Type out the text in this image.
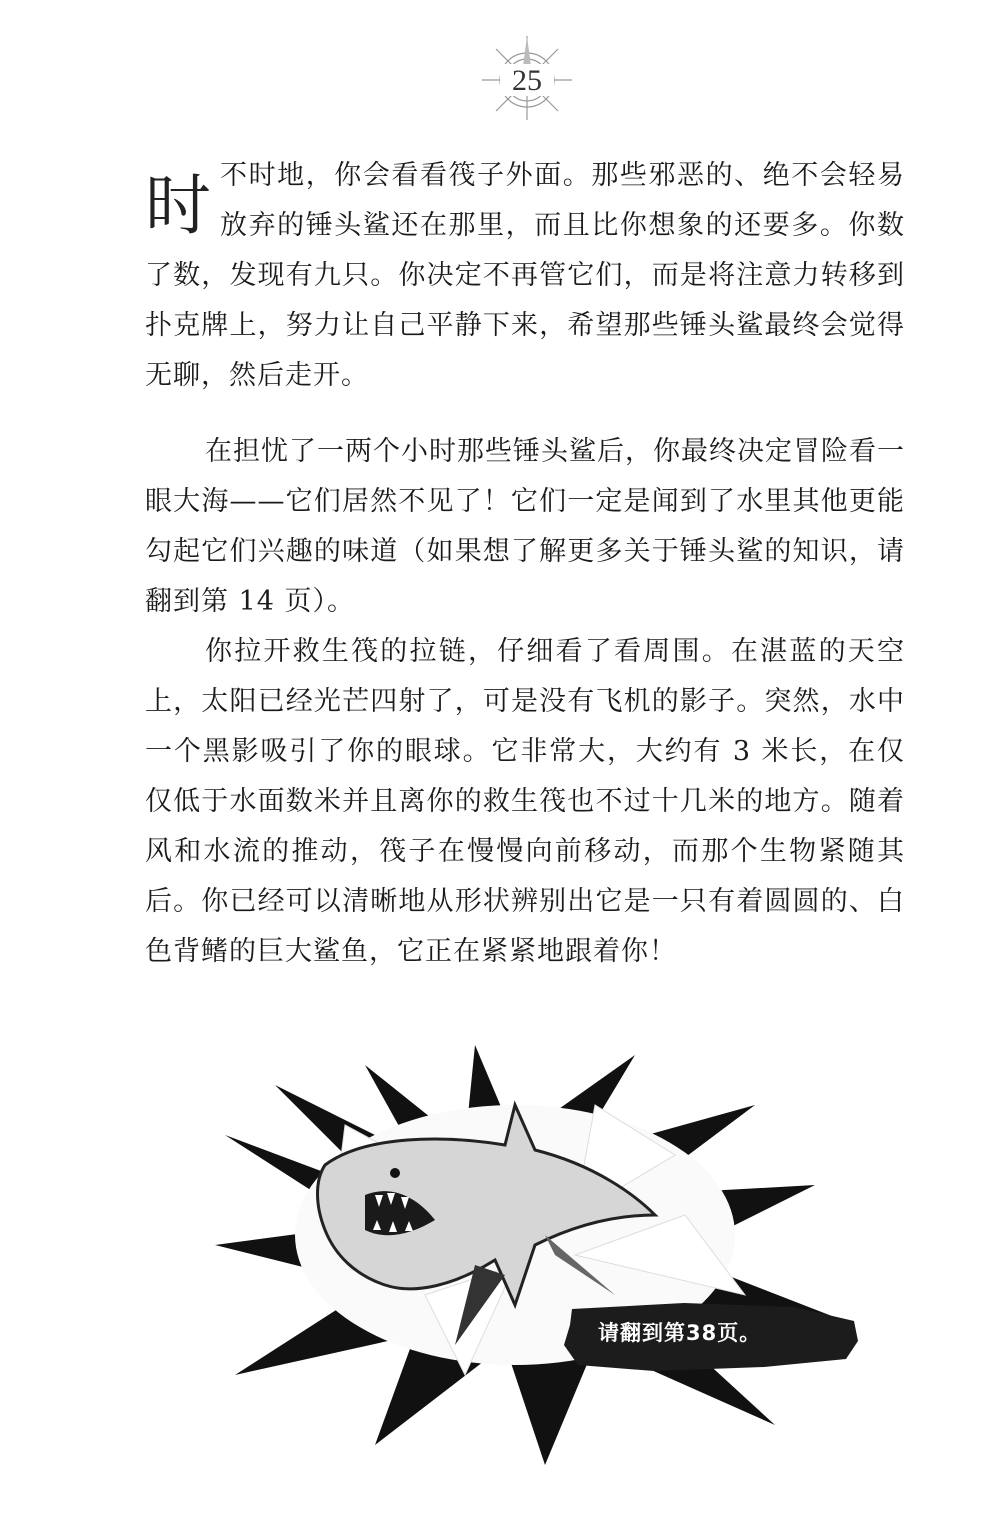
25

时不时地，你会看看筏子外面。那些邪恶的、绝不会轻易放弃的锤头鲨还在那里，而且比你想象的还要多。你数了数，发现有九只。你决定不再管它们，而是将注意力转移到扑克牌上，努力让自己平静下来，希望那些锤头鲨最终会觉得无聊，然后走开。

在担忧了一两个小时那些锤头鲨后，你最终决定冒险看一眼大海——它们居然不见了！它们一定是闻到了水里其他更能勾起它们兴趣的味道（如果想了解更多关于锤头鲨的知识，请翻到第 14 页）。

你拉开救生筏的拉链，仔细看了看周围。在湛蓝的天空上，太阳已经光芒四射了，可是没有飞机的影子。突然，水中一个黑影吸引了你的眼球。它非常大，大约有 3 米长，在仅仅低于水面数米并且离你的救生筏也不过十几米的地方。随着风和水流的推动，筏子在慢慢向前移动，而那个生物紧随其后。你已经可以清晰地从形状辨别出它是一只有着圆圆的、白色背鳍的巨大鲨鱼，它正在紧紧地跟着你！

请翻到第38页。
